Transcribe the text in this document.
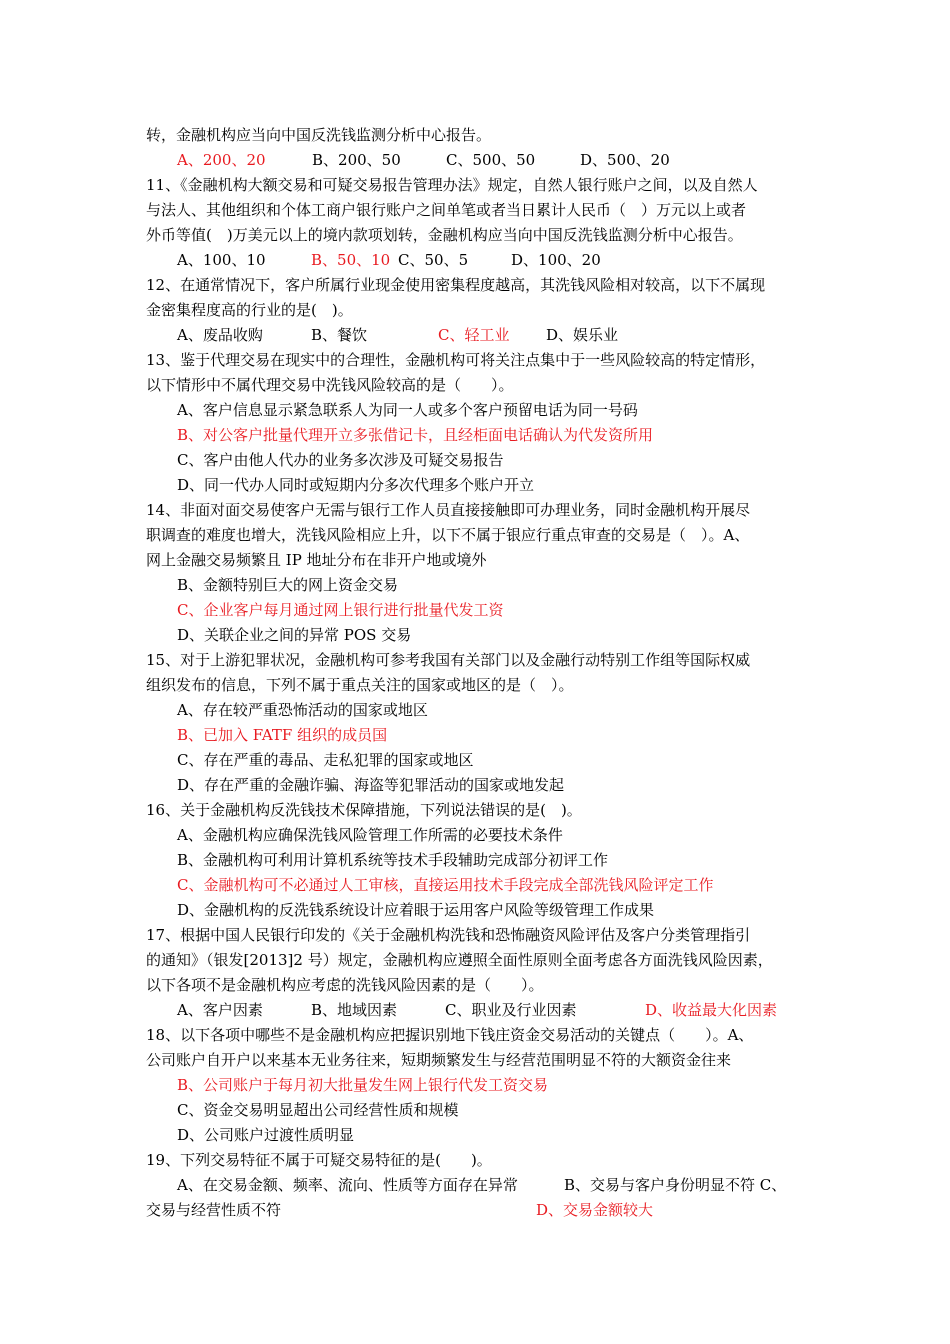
转，金融机构应当向中国反洗钱监测分析中心报告。
A、200、20	B、200、50	C、500、50	D、500、20
11、《金融机构大额交易和可疑交易报告管理办法》规定，自然人银行账户之间，以及自然人
与法人、其他组织和个体工商户银行账户之间单笔或者当日累计人民币（　）万元以上或者
外币等值(　)万美元以上的境内款项划转，金融机构应当向中国反洗钱监测分析中心报告。
A、100、10	B、50、10 C、50、5	D、100、20
12、在通常情况下，客户所属行业现金使用密集程度越高，其洗钱风险相对较高，以下不属现
金密集程度高的行业的是(　)。
A、废品收购	B、餐饮	C、轻工业 D、娱乐业
13、鉴于代理交易在现实中的合理性，金融机构可将关注点集中于一些风险较高的特定情形，
以下情形中不属代理交易中洗钱风险较高的是（　　）。
A、客户信息显示紧急联系人为同一人或多个客户预留电话为同一号码
B、对公客户批量代理开立多张借记卡，且经柜面电话确认为代发资所用
C、客户由他人代办的业务多次涉及可疑交易报告
D、同一代办人同时或短期内分多次代理多个账户开立
14、非面对面交易使客户无需与银行工作人员直接接触即可办理业务，同时金融机构开展尽
职调查的难度也增大，洗钱风险相应上升，以下不属于银应行重点审查的交易是（　）。A、
网上金融交易频繁且 IP 地址分布在非开户地或境外
B、金额特别巨大的网上资金交易
C、企业客户每月通过网上银行进行批量代发工资
D、关联企业之间的异常 POS 交易
15、对于上游犯罪状况，金融机构可参考我国有关部门以及金融行动特别工作组等国际权威
组织发布的信息，下列不属于重点关注的国家或地区的是（　）。
A、存在较严重恐怖活动的国家或地区
B、已加入 FATF 组织的成员国
C、存在严重的毒品、走私犯罪的国家或地区
D、存在严重的金融诈骗、海盗等犯罪活动的国家或地发起
16、关于金融机构反洗钱技术保障措施，下列说法错误的是(　)。
A、金融机构应确保洗钱风险管理工作所需的必要技术条件
B、金融机构可利用计算机系统等技术手段辅助完成部分初评工作
C、金融机构可不必通过人工审核，直接运用技术手段完成全部洗钱风险评定工作
D、金融机构的反洗钱系统设计应着眼于运用客户风险等级管理工作成果
17、根据中国人民银行印发的《关于金融机构洗钱和恐怖融资风险评估及客户分类管理指引
的通知》（银发[2013]2 号）规定，金融机构应遵照全面性原则全面考虑各方面洗钱风险因素，
以下各项不是金融机构应考虑的洗钱风险因素的是（　　）。
A、客户因素	B、地域因素	C、职业及行业因素	D、收益最大化因素
18、以下各项中哪些不是金融机构应把握识别地下钱庄资金交易活动的关键点（　　）。A、
公司账户自开户以来基本无业务往来，短期频繁发生与经营范围明显不符的大额资金往来
B、公司账户于每月初大批量发生网上银行代发工资交易
C、资金交易明显超出公司经营性质和规模
D、公司账户过渡性质明显
19、下列交易特征不属于可疑交易特征的是(　　)。
A、在交易金额、频率、流向、性质等方面存在异常	B、交易与客户身份明显不符 C、
交易与经营性质不符	D、交易金额较大
